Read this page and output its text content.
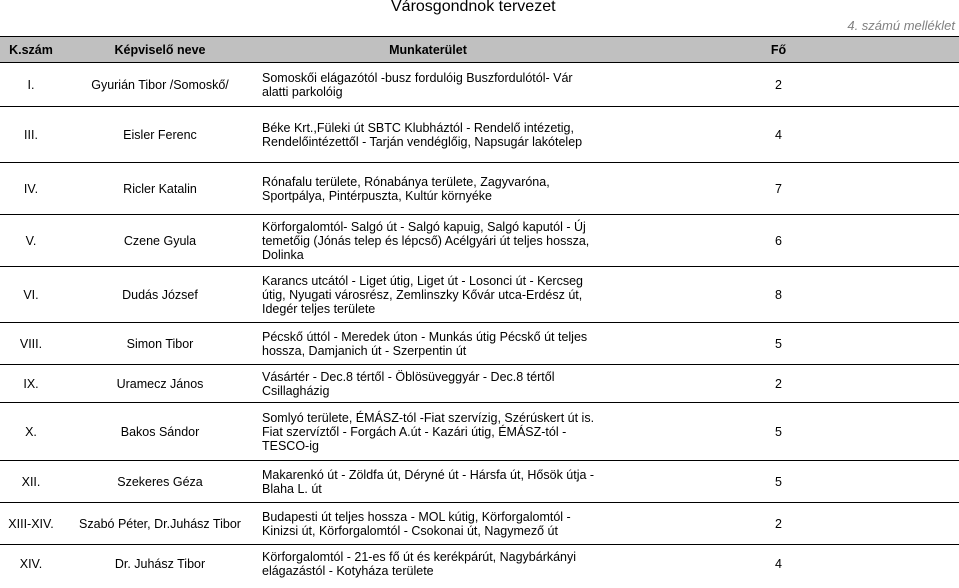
Városgondnok tervezet
4. számú melléklet
K.szám	Képviselő neve	Munkaterület	Fő
I.	Gyurián Tibor /Somoskő/	Somoskői elágazótól -busz fordulóig Buszfordulótól- Vár alatti parkolóig	2
III.	Eisler Ferenc	Béke Krt.,Füleki út SBTC Klubháztól - Rendelő intézetig, Rendelőintézettől - Tarján vendéglőig, Napsugár lakótelep	4
IV.	Ricler Katalin	Rónafalu területe, Rónabánya területe, Zagyvaróna, Sportpálya, Pintérpuszta, Kultúr környéke	7
V.	Czene Gyula	Körforgalomtól- Salgó út - Salgó kapuig, Salgó kaputól - Új temetőig (Jónás telep és lépcső) Acélgyári út teljes hossza, Dolinka	6
VI.	Dudás József	Karancs utcától - Liget útig, Liget út - Losonci út - Kercseg útig, Nyugati városrész, Zemlinszky Kővár utca-Erdész út, Idegér teljes területe	8
VIII.	Simon Tibor	Pécskő úttól - Meredek úton - Munkás útig Pécskő út teljes hossza, Damjanich út - Szerpentin út	5
IX.	Uramecz János	Vásártér - Dec.8 tértől - Öblösüveggyár - Dec.8 tértől Csillagházig	2
X.	Bakos Sándor	Somlyó területe, ÉMÁSZ-tól -Fiat szervízig, Szérúskert út is. Fiat szervíztől - Forgách A.út - Kazári útig, ÉMÁSZ-tól - TESCO-ig	5
XII.	Szekeres Géza	Makarenkó út - Zöldfa út, Déryné út - Hársfa út, Hősök útja - Blaha L. út	5
XIII-XIV.	Szabó Péter, Dr.Juhász Tibor	Budapesti út teljes hossza - MOL kútig, Körforgalomtól - Kinizsi út, Körforgalomtól - Csokonai út, Nagymező út	2
XIV.	Dr. Juhász Tibor	Körforgalomtól - 21-es fő út és kerékpárút, Nagybárkányi elágazástól - Kotyháza területe	4
